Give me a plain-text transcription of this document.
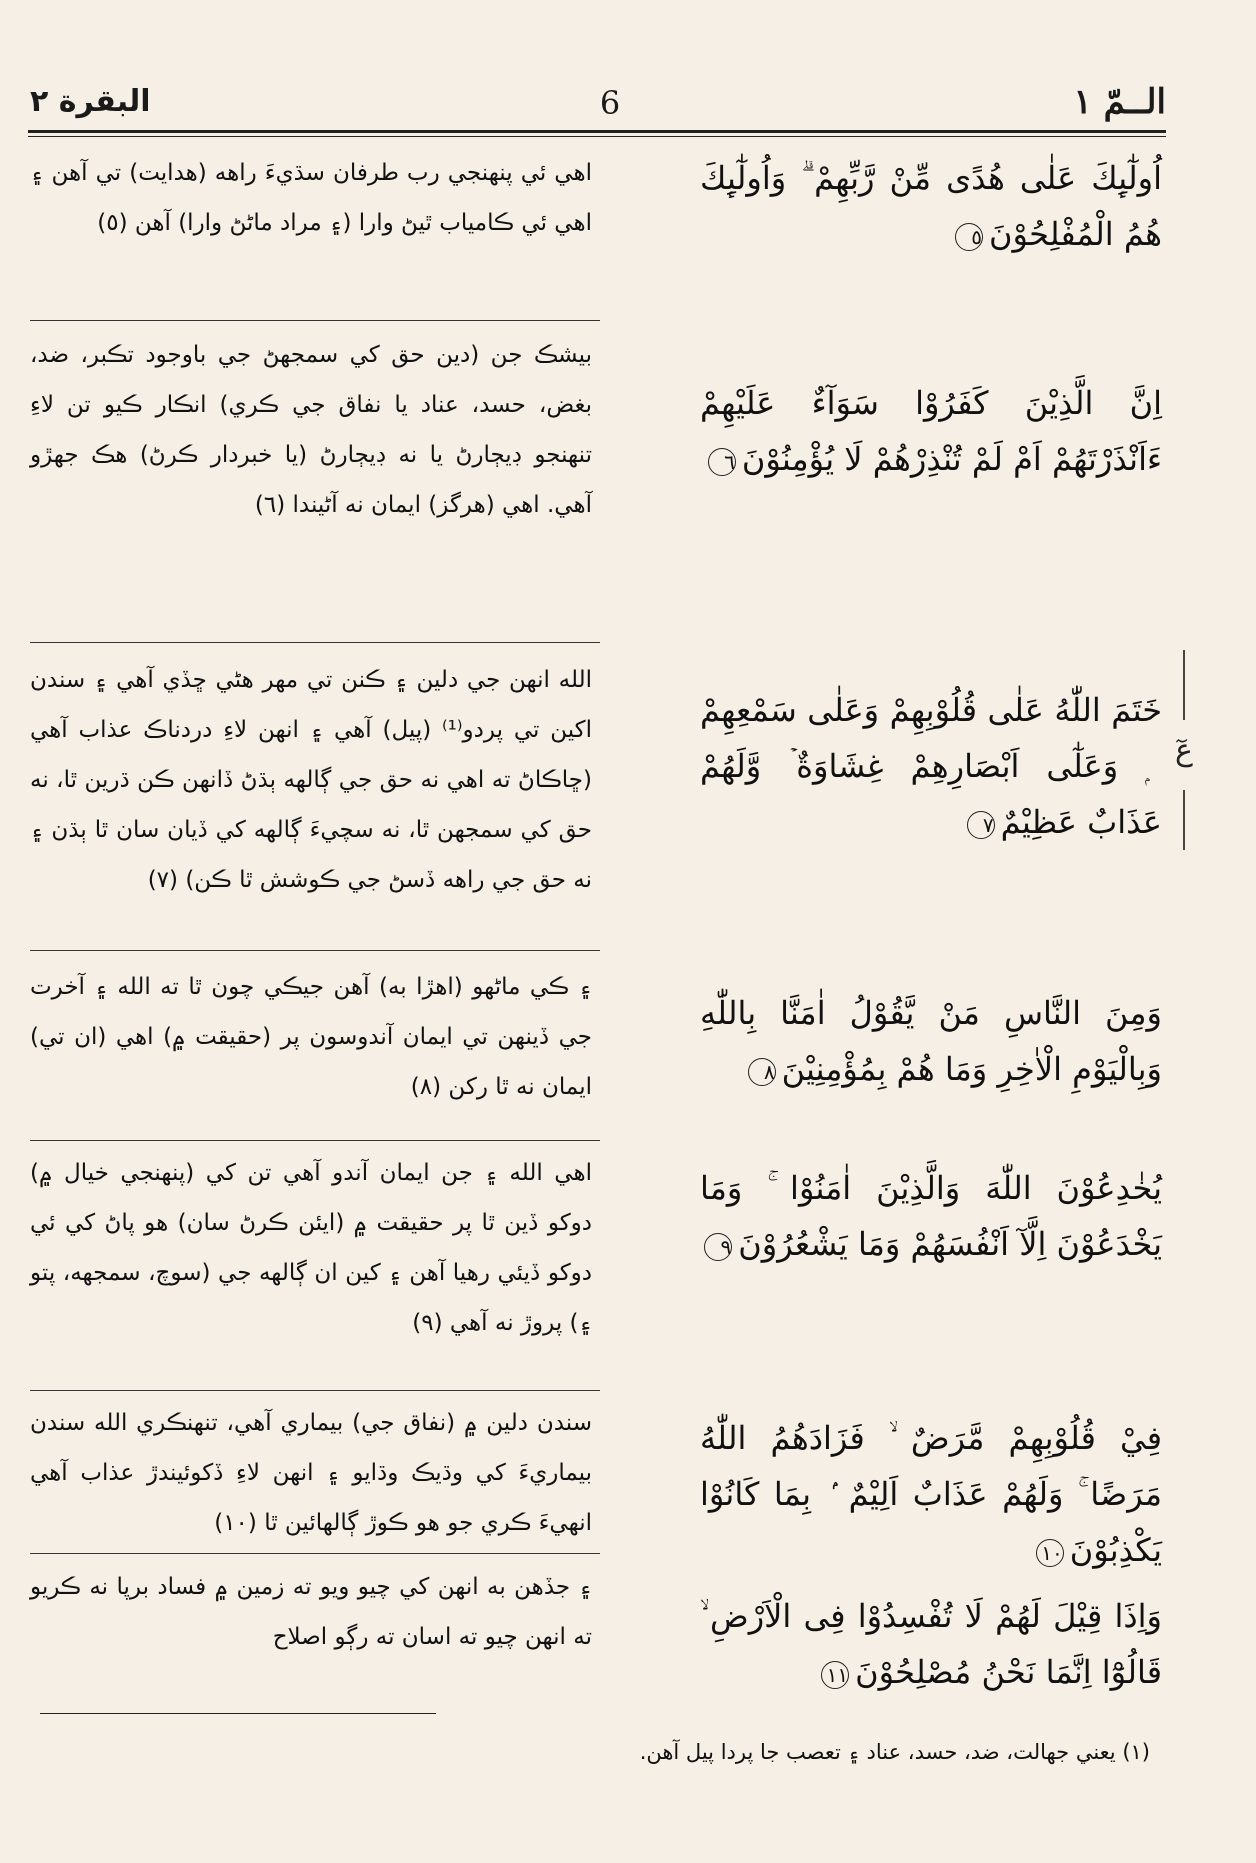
الــمّ ١
6
البقرة ٢
اُولٰٓىِٕكَ عَلٰى هُدًى مِّنْ رَّبِّهِمْ ۗ وَاُولٰٓىِٕكَ هُمُ الْمُفْلِحُوْنَ٥
اهي ئي پنهنجي رب طرفان سڌيءَ راهه (هدايت) تي آهن ۽ اهي ئي ڪامياب ٿيڻ وارا (۽ مراد ماڻڻ وارا) آهن (٥)
اِنَّ الَّذِيْنَ كَفَرُوْا سَوَآءٌ عَلَيْهِمْ ءَاَنْذَرْتَهُمْ اَمْ لَمْ تُنْذِرْهُمْ لَا يُؤْمِنُوْنَ٦
بيشڪ جن (دين حق کي سمجهڻ جي باوجود تڪبر، ضد، بغض، حسد، عناد يا نفاق جي ڪري) انڪار ڪيو تن لاءِ تنهنجو ڊيڄارڻ يا نه ڊيڄارڻ (يا خبردار ڪرڻ) هڪ جهڙو آهي. اهي (هرگز) ايمان نه آڻيندا (٦)
خَتَمَ اللّٰهُ عَلٰى قُلُوْبِهِمْ وَعَلٰى سَمْعِهِمْ ۭ وَعَلٰٓى اَبْصَارِهِمْ غِشَاوَةٌ ۡ وَّلَهُمْ عَذَابٌ عَظِيْمٌ٧
الله انهن جي دلين ۽ ڪنن تي مهر هڻي ڇڏي آهي ۽ سندن اکين تي پردو⁽¹⁾ (پيل) آهي ۽ انهن لاءِ دردناڪ عذاب آهي (ڇاڪاڻ ته اهي نه حق جي ڳالهه ٻڌڻ ڏانهن ڪن ڌرين ٿا، نه حق کي سمجهن ٿا، نه سچيءَ ڳالهه کي ڏيان سان ٿا ٻڌن ۽ نه حق جي راهه ڏسڻ جي ڪوشش ٿا ڪن) (٧)
عٓ
وَمِنَ النَّاسِ مَنْ يَّقُوْلُ اٰمَنَّا بِاللّٰهِ وَبِالْيَوْمِ الْاٰخِرِ وَمَا هُمْ بِمُؤْمِنِيْنَ٨
۽ ڪي ماڻهو (اهڙا به) آهن جيڪي چون ٿا ته الله ۽ آخرت جي ڏينهن تي ايمان آندوسون پر (حقيقت ۾) اهي (ان تي) ايمان نه ٿا رکن (٨)
يُخٰدِعُوْنَ اللّٰهَ وَالَّذِيْنَ اٰمَنُوْا ۚ وَمَا يَخْدَعُوْنَ اِلَّآ اَنْفُسَهُمْ وَمَا يَشْعُرُوْنَ٩
اهي الله ۽ جن ايمان آندو آهي تن کي (پنهنجي خيال ۾) دوکو ڏين ٿا پر حقيقت ۾ (ايئن ڪرڻ سان) هو پاڻ کي ئي دوکو ڏيئي رهيا آهن ۽ کين ان ڳالهه جي (سوچ، سمجهه، پتو ۽) پروڙ نه آهي (٩)
فِيْ قُلُوْبِهِمْ مَّرَضٌ ۙ فَزَادَهُمُ اللّٰهُ مَرَضًا ۚ وَلَهُمْ عَذَابٌ اَلِيْمٌ ۢ بِمَا كَانُوْا يَكْذِبُوْنَ١٠
سندن دلين ۾ (نفاق جي) بيماري آهي، تنهنڪري الله سندن بيماريءَ کي وڌيڪ وڌايو ۽ انهن لاءِ ڏکوئيندڙ عذاب آهي انهيءَ ڪري جو هو ڪوڙ ڳالهائين ٿا (١٠)
وَاِذَا قِيْلَ لَهُمْ لَا تُفْسِدُوْا فِى الْاَرْضِ ۙ قَالُوْٓا اِنَّمَا نَحْنُ مُصْلِحُوْنَ١١
۽ جڏهن به انهن کي چيو ويو ته زمين ۾ فساد برپا نه ڪريو ته انهن چيو ته اسان ته رڳو اصلاح
(١) يعني جهالت، ضد، حسد، عناد ۽ تعصب جا پردا پيل آهن.
